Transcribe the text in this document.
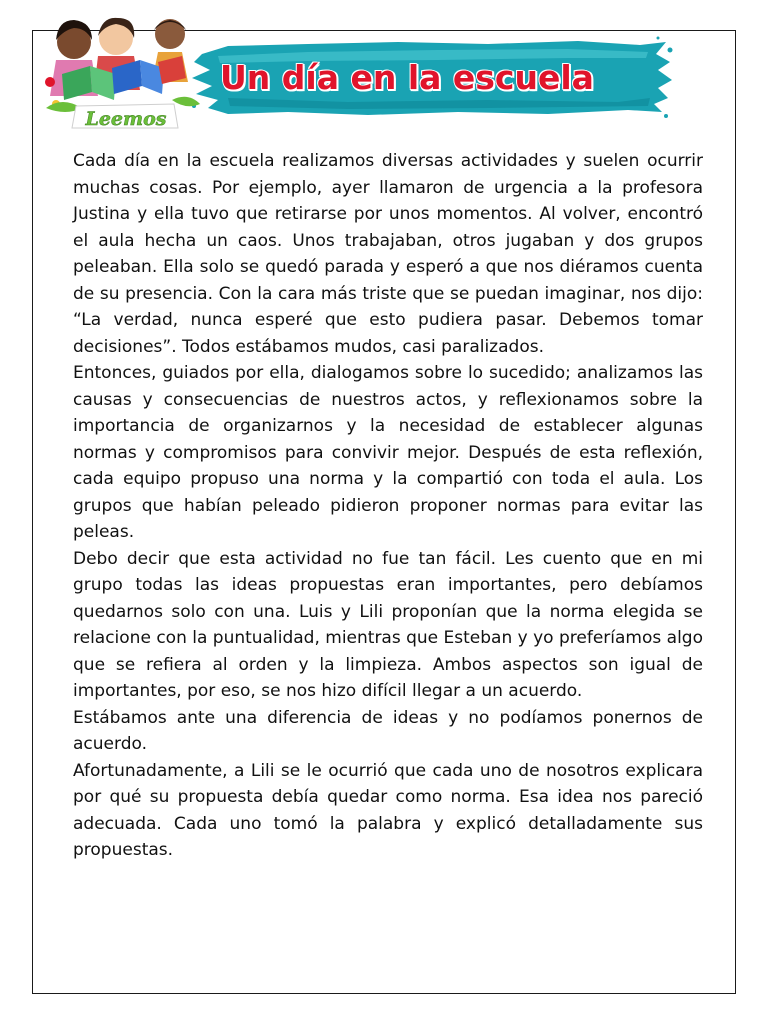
Un día en la escuela
Leemos

Cada día en la escuela realizamos diversas actividades y suelen ocurrir muchas cosas. Por ejemplo, ayer llamaron de urgencia a la profesora Justina y ella tuvo que retirarse por unos momentos. Al volver, encontró el aula hecha un caos. Unos trabajaban, otros jugaban y dos grupos peleaban. Ella solo se quedó parada y esperó a que nos diéramos cuenta de su presencia. Con la cara más triste que se puedan imaginar, nos dijo: “La verdad, nunca esperé que esto pudiera pasar. Debemos tomar decisiones”. Todos estábamos mudos, casi paralizados.

Entonces, guiados por ella, dialogamos sobre lo sucedido; analizamos las causas y consecuencias de nuestros actos, y reflexionamos sobre la importancia de organizarnos y la necesidad de establecer algunas normas y compromisos para convivir mejor. Después de esta reflexión, cada equipo propuso una norma y la compartió con toda el aula. Los grupos que habían peleado pidieron proponer normas para evitar las peleas.

Debo decir que esta actividad no fue tan fácil. Les cuento que en mi grupo todas las ideas propuestas eran importantes, pero debíamos quedarnos solo con una. Luis y Lili proponían que la norma elegida se relacione con la puntualidad, mientras que Esteban y yo preferíamos algo que se refiera al orden y la limpieza. Ambos aspectos son igual de importantes, por eso, se nos hizo difícil llegar a un acuerdo.

Estábamos ante una diferencia de ideas y no podíamos ponernos de acuerdo.

Afortunadamente, a Lili se le ocurrió que cada uno de nosotros explicara por qué su propuesta debía quedar como norma. Esa idea nos pareció adecuada. Cada uno tomó la palabra y explicó detalladamente sus propuestas.
